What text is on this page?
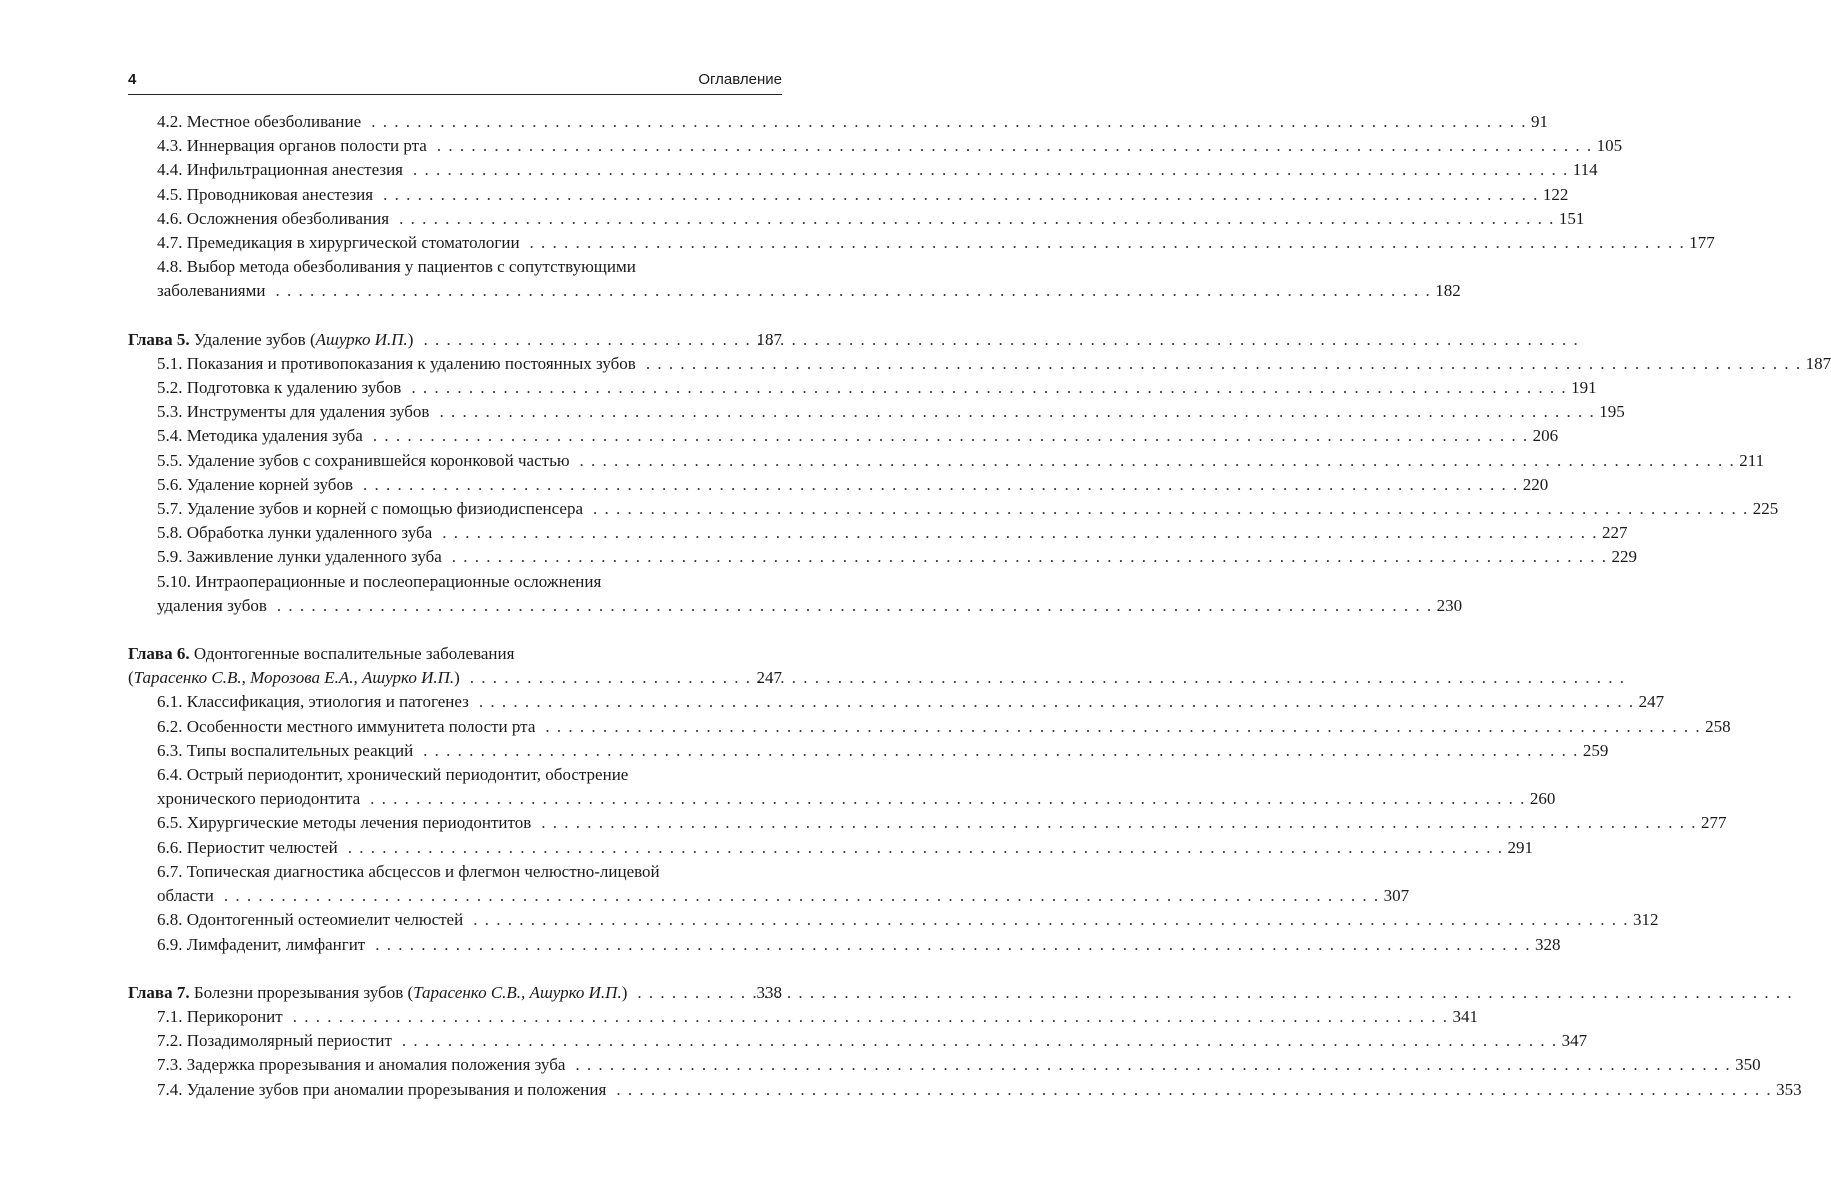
4	Оглавление
4.2. Местное обезболивание . . .	91
4.3. Иннервация органов полости рта . . .	105
4.4. Инфильтрационная анестезия . . .	114
4.5. Проводниковая анестезия . . .	122
4.6. Осложнения обезболивания . . .	151
4.7. Премедикация в хирургической стоматологии . . .	177
4.8. Выбор метода обезболивания у пациентов с сопутствующими
заболеваниями . . .	182
Глава 5. Удаление зубов (Ашурко И.П.) . . .	187
5.1. Показания и противопоказания к удалению постоянных зубов . . .	187
5.2. Подготовка к удалению зубов . . .	191
5.3. Инструменты для удаления зубов . . .	195
5.4. Методика удаления зуба . . .	206
5.5. Удаление зубов с сохранившейся коронковой частью . . .	211
5.6. Удаление корней зубов . . .	220
5.7. Удаление зубов и корней с помощью физиодиспенсера . . .	225
5.8. Обработка лунки удаленного зуба . . .	227
5.9. Заживление лунки удаленного зуба . . .	229
5.10. Интраоперационные и послеоперационные осложнения
удаления зубов . . .	230
Глава 6. Одонтогенные воспалительные заболевания
(Тарасенко С.В., Морозова Е.А., Ашурко И.П.) . . .	247
6.1. Классификация, этиология и патогенез . . .	247
6.2. Особенности местного иммунитета полости рта . . .	258
6.3. Типы воспалительных реакций . . .	259
6.4. Острый периодонтит, хронический периодонтит, обострение
хронического периодонтита . . .	260
6.5. Хирургические методы лечения периодонтитов . . .	277
6.6. Периостит челюстей . . .	291
6.7. Топическая диагностика абсцессов и флегмон челюстно-лицевой
области . . .	307
6.8. Одонтогенный остеомиелит челюстей . . .	312
6.9. Лимфаденит, лимфангит . . .	328
Глава 7. Болезни прорезывания зубов (Тарасенко С.В., Ашурко И.П.) . . .	338
7.1. Перикоронит . . .	341
7.2. Позадимолярный периостит . . .	347
7.3. Задержка прорезывания и аномалия положения зуба . . .	350
7.4. Удаление зубов при аномалии прорезывания и положения . . .	353
